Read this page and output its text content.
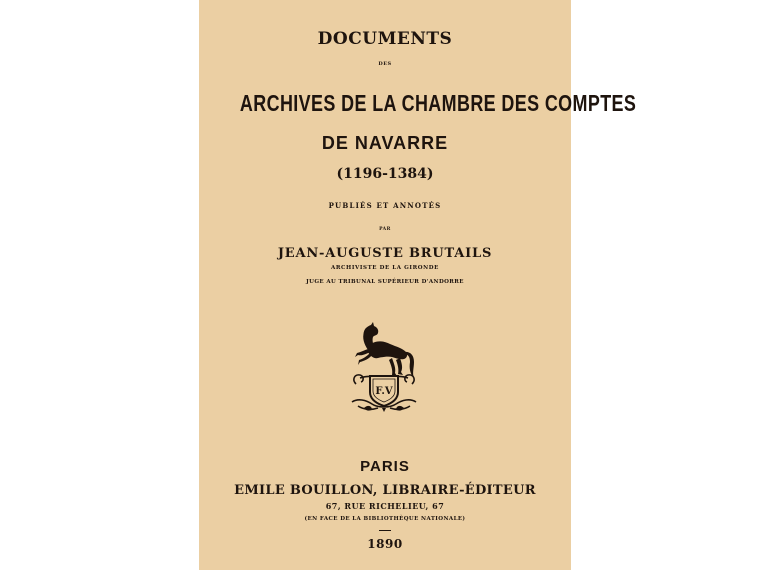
DOCUMENTS
DES
ARCHIVES DE LA CHAMBRE DES COMPTES
DE NAVARRE
(1196-1384)
PUBLIÉS ET ANNOTÉS
PAR
JEAN-AUGUSTE BRUTAILS
ARCHIVISTE DE LA GIRONDE
JUGE AU TRIBUNAL SUPÉRIEUR D'ANDORRE
F.V
PARIS
EMILE BOUILLON, LIBRAIRE-ÉDITEUR
67, RUE RICHELIEU, 67
(EN FACE DE LA BIBLIOTHÈQUE NATIONALE)
1890
